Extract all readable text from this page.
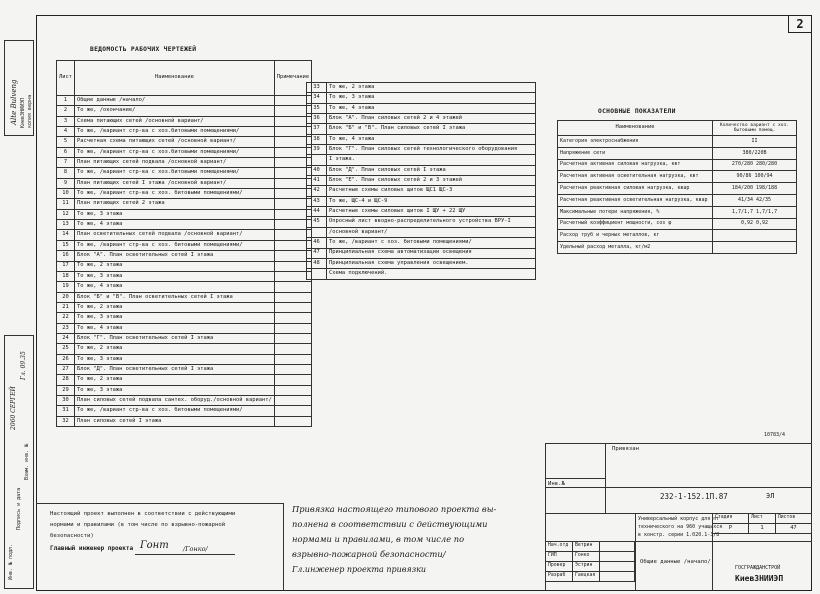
2
Alte Bulveng КиевЗНИИЭП копия верна
Инв. № подл.
Подпись и дата
Взам. инв. №
2060 СЕРГЕЙ
Гл. 09.35
ВЕДОМОСТЬ РАБОЧИХ ЧЕРТЕЖЕЙ
Лист	Наименование	Примечание
1	Общие данные /начало/	
2	То же, /окончание/	
3	Схема питающих сетей /основной вариант/	
4	То же, /вариант стр-ва с хоз.битовыми помещениями/	
5	Расчетная схема питающих сетей /основной вариант/	
6	То же, /вариант стр-ва с хоз.битовыми помещениями/	
7	План питающих сетей подвала /основной вариант/	
8	То же, /вариант стр-ва с хоз.битовыми помещениями/	
9	План питающих сетей I этажа /основной вариант/	
10	То же, /вариант стр-ва с хоз. битовыми помещениями/	
11	План питающих сетей 2 этажа	
12	То же, 3 этажа	
13	То же, 4 этажа	
14	План осветительных сетей подвала /основной вариант/	
15	То же, /вариант стр-ва с хоз. битовыми помещениями/	
16	Блок "А". План осветительных сетей I этажа	
17	То же, 2 этажа	
18	То же, 3 этажа	
19	То же, 4 этажа	
20	Блок "Б" и "В". План осветительных сетей I этажа	
21	То же, 2 этажа	
22	То же, 3 этажа	
23	То же, 4 этажа	
24	Блок "Г". План осветительных сетей I этажа	
25	То же, 2 этажа	
26	То же, 3 этажа	
27	Блок "Д". План осветительных сетей I этажа	
28	То же, 2 этажа	
29	То же, 3 этажа	
30	План силовых сетей подвала сантех. оборуд./основной вариант/	
31	То же, /вариант стр-ва с хоз. битовыми помещениями/	
32	План силовых сетей I этажа	
33	То же, 2 этажа
34	То же, 3 этажа
35	То же, 4 этажа
36	Блок "А". План силовых сетей 2 и 4 этажей
37	Блок "Б" и "В". План силовых сетей I этажа
38	То же, 4 этажа
39	Блок "Г". План силовых сетей технологического оборудования
	I этажа.
40	Блок "Д". План силовых сетей I этажа
41	Блок "Е". План силовых сетей 2 и 3 этажей
42	Расчетные схемы силовых щитов ЩС1 ЩС-3
43	То же, ЩС-4 и ЩС-9
44	Расчетные схемы силовых щитов I ЩУ + 22 ЩУ
45	Опросный лист вводно-распределительного устройства ВРУ-I
	/основной вариант/
46	То же, /вариант с хоз. битовыми помещениями/
47	Принципиальная схема автоматизации освещения
48	Принципиальная схема управления освещением.
	Схема подключений.
ОСНОВНЫЕ ПОКАЗАТЕЛИ
Наименование	Количество вариант с хоз. бытовыми помещ.
Категория электроснабжения	II
Напряжение сети	380/220В
Расчетная активная силовая нагрузка, квт	270/280 280/280
Расчетная активная осветительная нагрузка, квт	90/86 100/94
Расчетная реактивная силовая нагрузка, квар	184/200 198/188
Расчетная реактивная осветительная нагрузка, квар	41/34 42/35
Максимальные потери напряжения, %	1,7/1,7 1,7/1,7
Расчетный коэффициент мощности, cos φ	0,92 0,92
Расход труб и черных металлов, кг	
Удельный расход металла, кг/м2	
10783/4
Настоящий проект выполнен в соответствии с действующими
нормами и правилами (в том числе по взрывно-пожарной
безопасности)
Главный инженер проекта Гонт /Гонко/
Привязка настоящего типового проекта вы-
полнена в соответствии с действующими
нормами и правилами, в том числе по
взрывно-пожарной безопасности/
Гл.инженер проекта привязки
Привязан
Инв.№
232-1-152.1П.87	ЭЛ
Универсальный корпус для пт
технического на 960 учащихся
в констр. серии 1.020.1-3/8
Общие данные /начало/
Стадия	Лист	Листов
Р	1	47
ГОСГРАЖДАНСТРОЙ
КиевЗНИИЭП
Нач.отд	Ветрин	
ГИП	Гонко	
Провер	Эстрин	
Разраб	Гаецкая	
